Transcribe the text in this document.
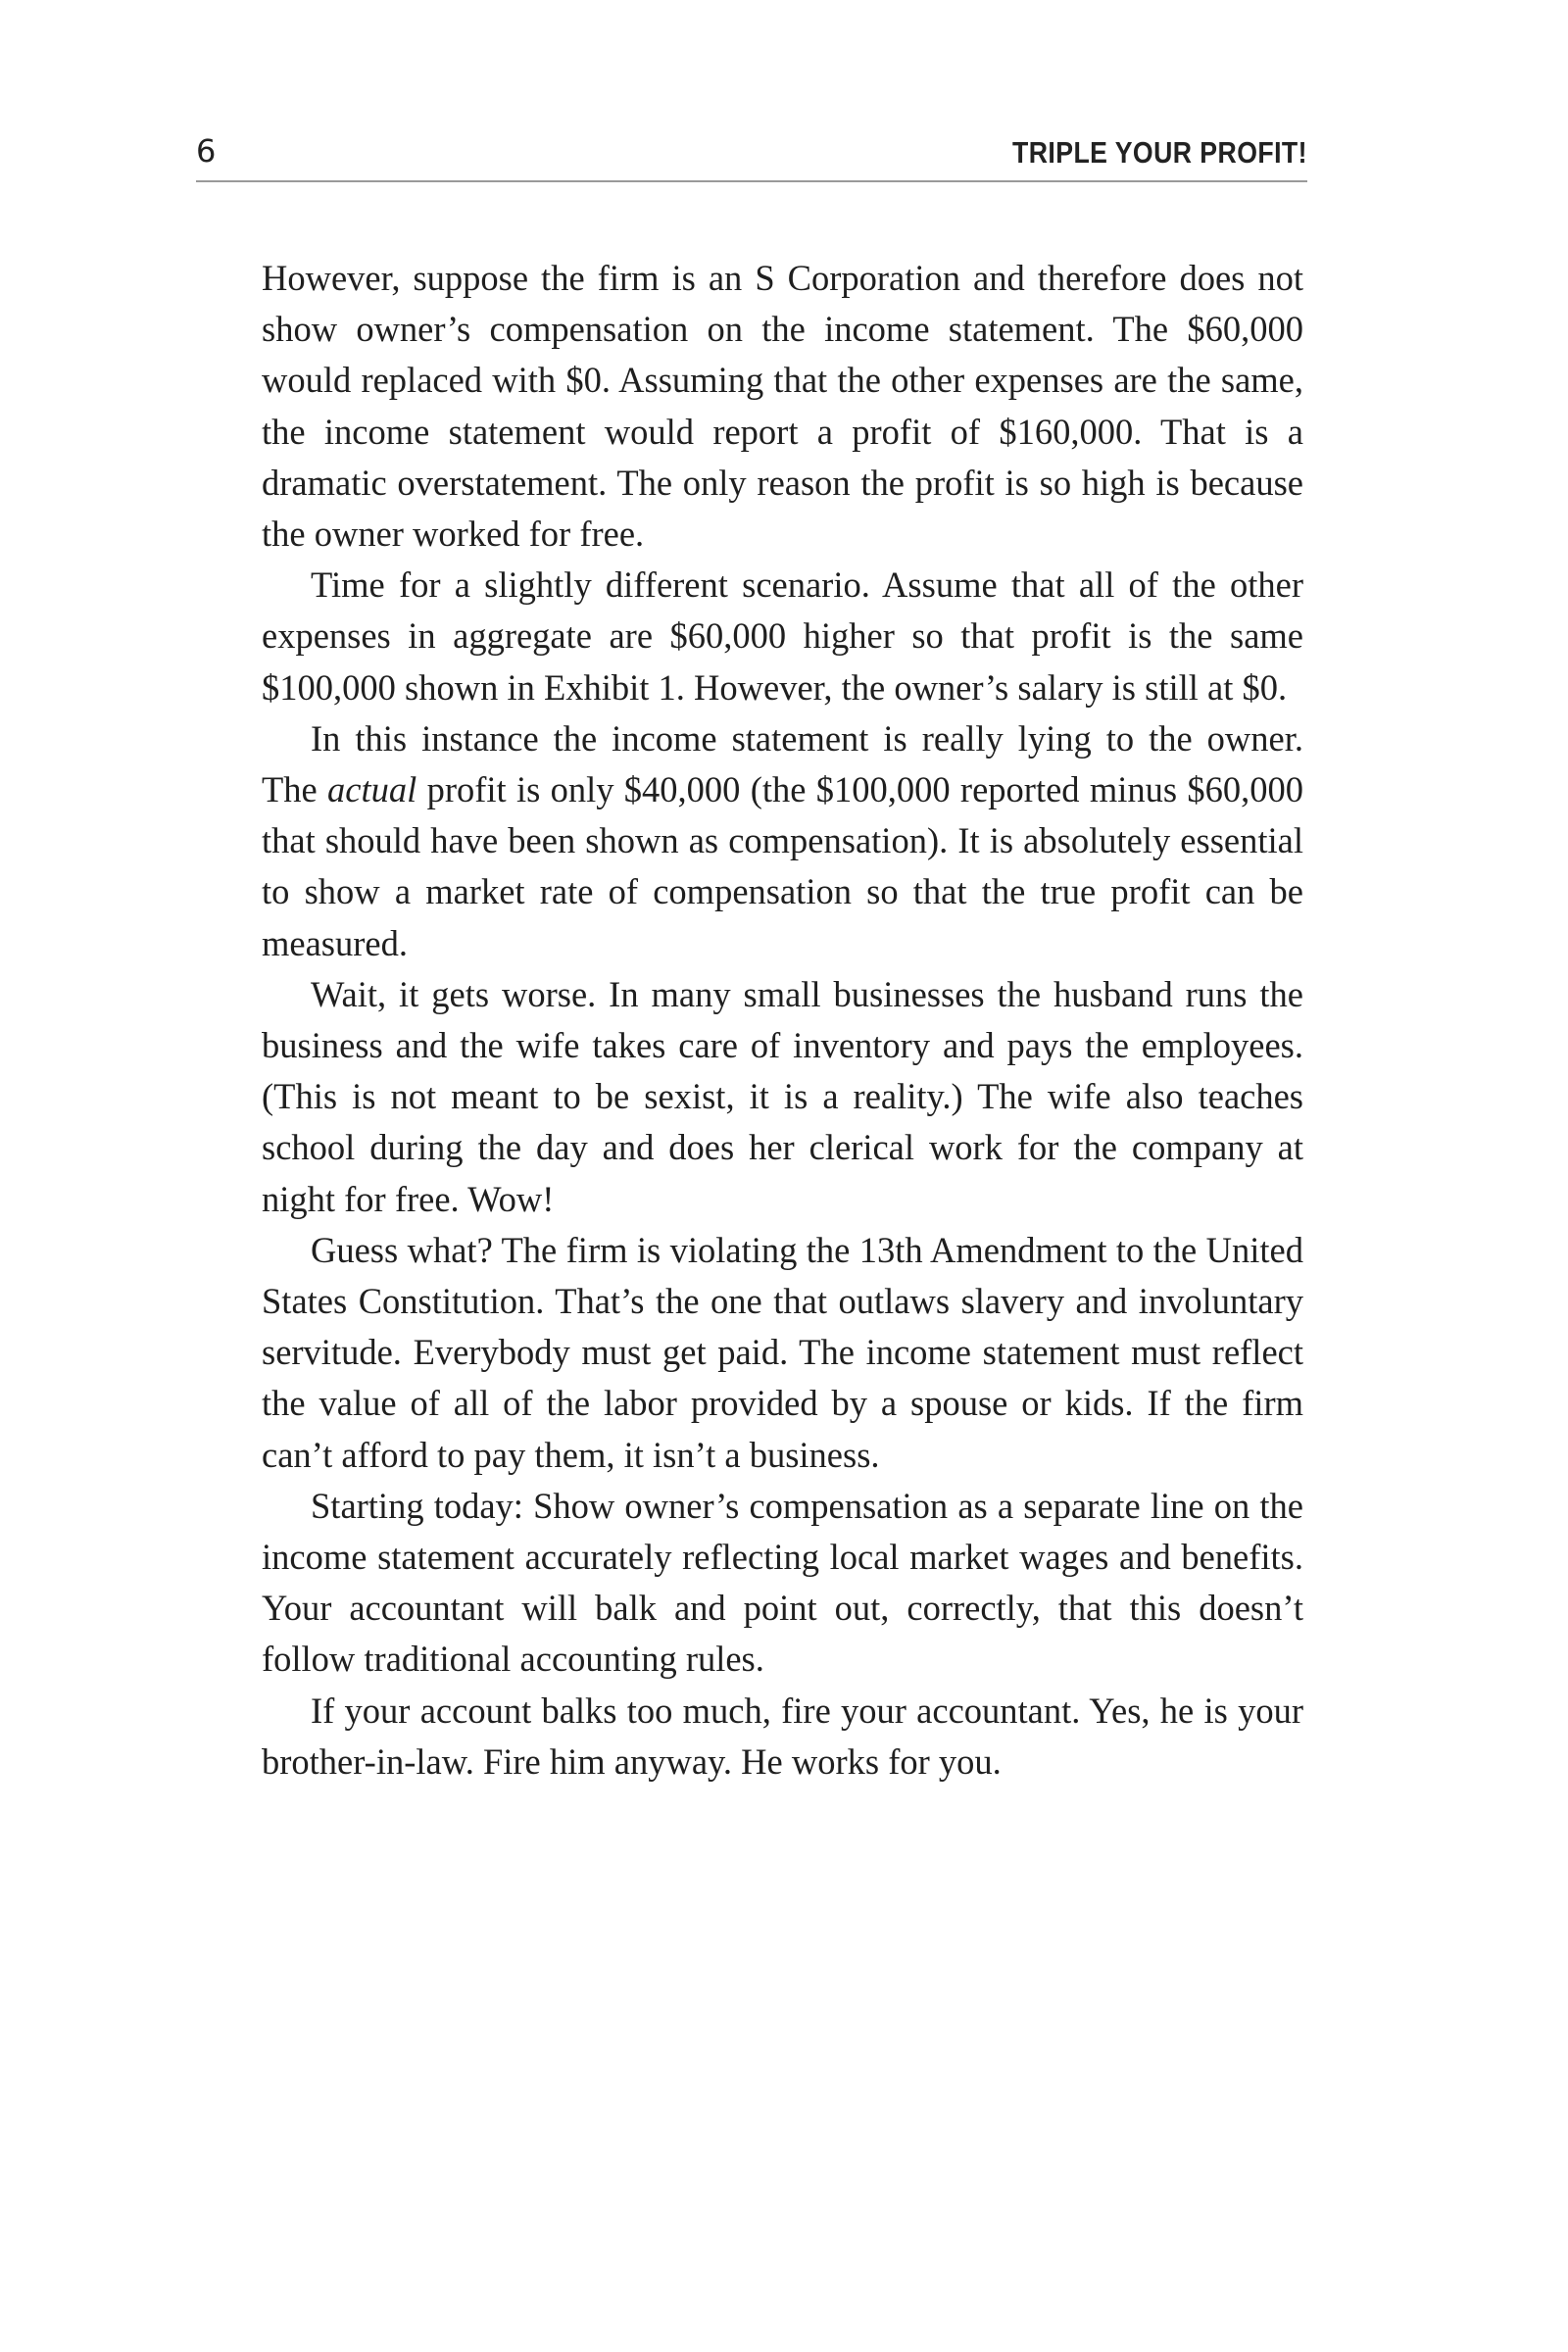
6	TRIPLE YOUR PROFIT!

However, suppose the firm is an S Corporation and therefore does not show owner’s compensation on the income statement. The $60,000 would replaced with $0. Assuming that the other expenses are the same, the income statement would report a profit of $160,000. That is a dramatic overstatement. The only reason the profit is so high is because the owner worked for free.

Time for a slightly different scenario. Assume that all of the other expenses in aggregate are $60,000 higher so that profit is the same $100,000 shown in Exhibit 1. However, the owner’s salary is still at $0.

In this instance the income statement is really lying to the owner. The actual profit is only $40,000 (the $100,000 reported minus $60,000 that should have been shown as compensation). It is absolutely essential to show a market rate of compensation so that the true profit can be measured.

Wait, it gets worse. In many small businesses the husband runs the business and the wife takes care of inventory and pays the employees. (This is not meant to be sexist, it is a reality.) The wife also teaches school during the day and does her clerical work for the company at night for free. Wow!

Guess what? The firm is violating the 13th Amendment to the United States Constitution. That’s the one that outlaws slavery and involuntary servitude. Everybody must get paid. The income statement must reflect the value of all of the labor provided by a spouse or kids. If the firm can’t afford to pay them, it isn’t a business.

Starting today: Show owner’s compensation as a separate line on the income statement accurately reflecting local market wages and benefits. Your accountant will balk and point out, correctly, that this doesn’t follow traditional accounting rules.

If your account balks too much, fire your accountant. Yes, he is your brother-in-law. Fire him anyway. He works for you.
